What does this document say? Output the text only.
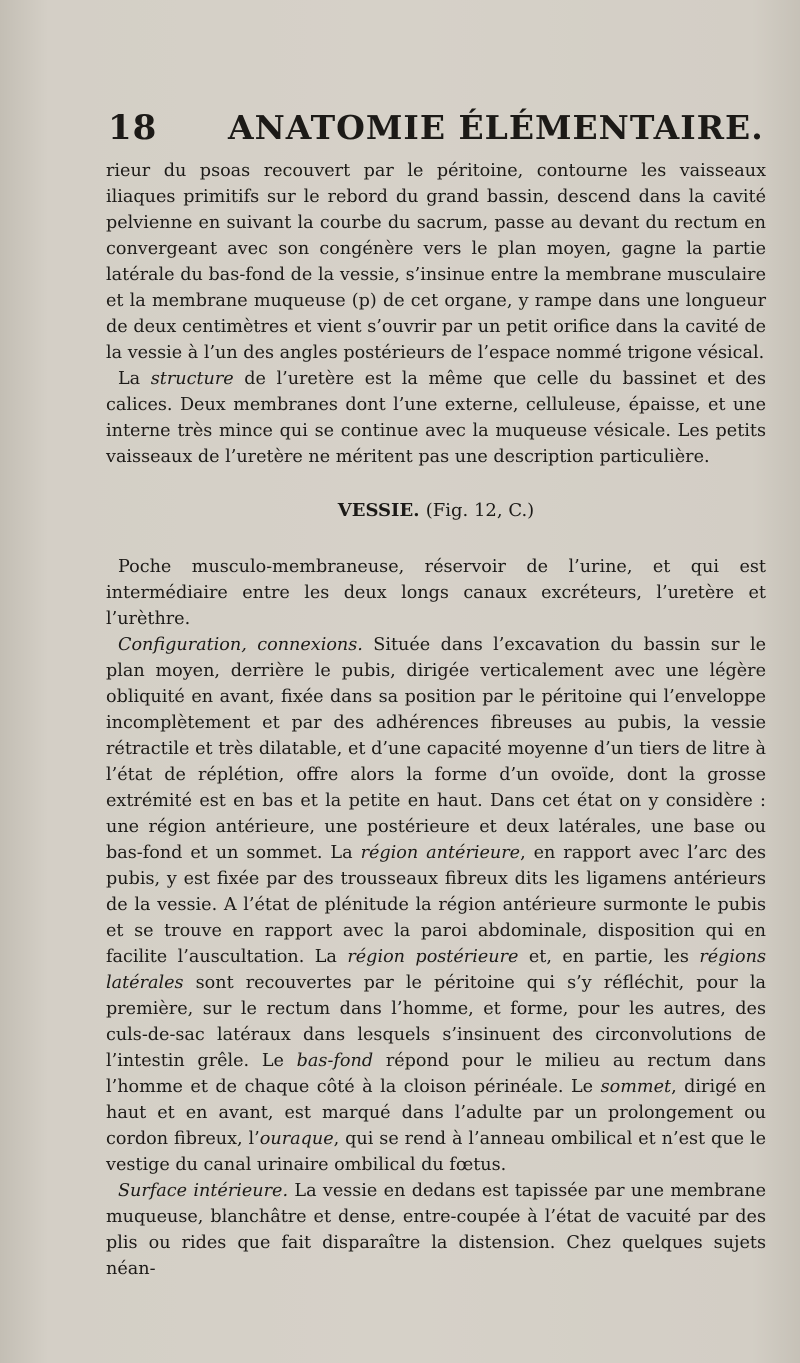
18 ANATOMIE ÉLÉMENTAIRE.

rieur du psoas recouvert par le péritoine, contourne les vaisseaux iliaques primitifs sur le rebord du grand bassin, descend dans la cavité pelvienne en suivant la courbe du sacrum, passe au devant du rectum en convergeant avec son congénère vers le plan moyen, gagne la partie latérale du bas-fond de la vessie, s’insinue entre la membrane musculaire et la membrane muqueuse (p) de cet organe, y rampe dans une longueur de deux centimètres et vient s’ouvrir par un petit orifice dans la cavité de la vessie à l’un des angles postérieurs de l’espace nommé trigone vésical.

La structure de l’uretère est la même que celle du bassinet et des calices. Deux membranes dont l’une externe, celluleuse, épaisse, et une interne très mince qui se continue avec la muqueuse vésicale. Les petits vaisseaux de l’uretère ne méritent pas une description particulière.

VESSIE. (Fig. 12, C.)

Poche musculo-membraneuse, réservoir de l’urine, et qui est intermédiaire entre les deux longs canaux excréteurs, l’uretère et l’urèthre.

Configuration, connexions. Située dans l’excavation du bassin sur le plan moyen, derrière le pubis, dirigée verticalement avec une légère obliquité en avant, fixée dans sa position par le péritoine qui l’enveloppe incomplètement et par des adhérences fibreuses au pubis, la vessie rétractile et très dilatable, et d’une capacité moyenne d’un tiers de litre à l’état de réplétion, offre alors la forme d’un ovoïde, dont la grosse extrémité est en bas et la petite en haut. Dans cet état on y considère : une région antérieure, une postérieure et deux latérales, une base ou bas-fond et un sommet. La région antérieure, en rapport avec l’arc des pubis, y est fixée par des trousseaux fibreux dits les ligamens antérieurs de la vessie. A l’état de plénitude la région antérieure surmonte le pubis et se trouve en rapport avec la paroi abdominale, disposition qui en facilite l’auscultation. La région postérieure et, en partie, les régions latérales sont recouvertes par le péritoine qui s’y réfléchit, pour la première, sur le rectum dans l’homme, et forme, pour les autres, des culs-de-sac latéraux dans lesquels s’insinuent des circonvolutions de l’intestin grêle. Le bas-fond répond pour le milieu au rectum dans l’homme et de chaque côté à la cloison périnéale. Le sommet, dirigé en haut et en avant, est marqué dans l’adulte par un prolongement ou cordon fibreux, l’ouraque, qui se rend à l’anneau ombilical et n’est que le vestige du canal urinaire ombilical du fœtus.

Surface intérieure. La vessie en dedans est tapissée par une membrane muqueuse, blanchâtre et dense, entre-coupée à l’état de vacuité par des plis ou rides que fait disparaître la distension. Chez quelques sujets néan-
